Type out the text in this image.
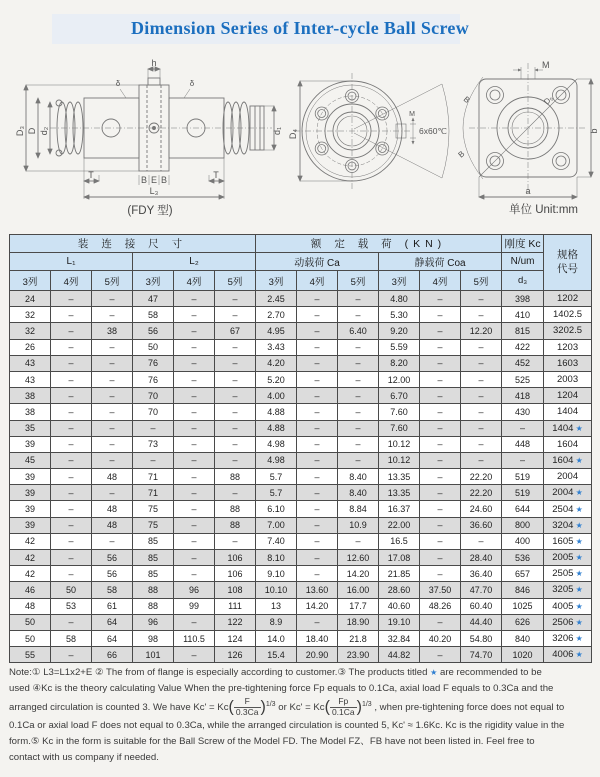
Dimension Series of Inter-cycle Ball Screw
h
δ	δ
D₃ D d₂	d₁
T	B E B	T
L₃
D₄
M
6x60℃
M
B
B
D₅
b
a
(FDY 型)	单位 Unit:mm
装 连 接 尺 寸						额 定 载 荷 (KN)						刚度 Kc	规格
代号

L₁			L₂			动载荷 Ca			静载荷 Coa			N/um	
3列	4列	5列	3列	4列	5列	3列	4列	5列	3列	4列	5列	d₃	
24	–	–	47	–	–	2.45	–	–	4.80	–	–	398	1202
32	–	–	58	–	–	2.70	–	–	5.30	–	–	410	1402.5
32	–	38	56	–	67	4.95	–	6.40	9.20	–	12.20	815	3202.5
26	–	–	50	–	–	3.43	–	–	5.59	–	–	422	1203
43	–	–	76	–	–	4.20	–	–	8.20	–	–	452	1603
43	–	–	76	–	–	5.20	–	–	12.00	–	–	525	2003
38	–	–	70	–	–	4.00	–	–	6.70	–	–	418	1204
38	–	–	70	–	–	4.88	–	–	7.60	–	–	430	1404
35	–	–	–	–	–	4.88	–	–	7.60	–	–	–	1404 ★
39	–	–	73	–	–	4.98	–	–	10.12	–	–	448	1604
45	–	–	–	–	–	4.98	–	–	10.12	–	–	–	1604 ★
39	–	48	71	–	88	5.7	–	8.40	13.35	–	22.20	519	2004
39	–	–	71	–	–	5.7	–	8.40	13.35	–	22.20	519	2004 ★
39	–	48	75	–	88	6.10	–	8.84	16.37	–	24.60	644	2504 ★
39	–	48	75	–	88	7.00	–	10.9	22.00	–	36.60	800	3204 ★
42	–	–	85	–	–	7.40	–	–	16.5	–	–	400	1605 ★
42	–	56	85	–	106	8.10	–	12.60	17.08	–	28.40	536	2005 ★
42	–	56	85	–	106	9.10	–	14.20	21.85	–	36.40	657	2505 ★
46	50	58	88	96	108	10.10	13.60	16.00	28.60	37.50	47.70	846	3205 ★
48	53	61	88	99	111	13	14.20	17.7	40.60	48.26	60.40	1025	4005 ★
50	–	64	96	–	122	8.9	–	18.90	19.10	–	44.40	626	2506 ★
50	58	64	98	110.5	124	14.0	18.40	21.8	32.84	40.20	54.80	840	3206 ★
55	–	66	101	–	126	15.4	20.90	23.90	44.82	–	74.70	1020	4006 ★
Note:① L3=L1x2+E ② The from of flange is especially according to customer.③ The products titled ★ are recommended to be
used ④Kc is the theory calculating Value When the pre-tightening force Fp equals to 0.1Ca, axial load F equals to 0.3Ca and the
arranged circulation is counted 3. We have $Kc' = Kc( \frac{F}{0.3Ca} )^{1/3}$ or $Kc' = Kc( \frac{Fp}{0.1Ca} )^{1/3}$ , when pre-tightening force does not equal to
0.1Ca or axial load F does not equal to 0.3Ca, while the arranged circulation is counted 5, Kc' ≈ 1.6Kc. Kc is the rigidity value in the
form.⑤ Kc in the form is suitable for the Ball Screw of the Model FD. The Model FZ、FB have not been listed in. Feel free to
contact with us company if needed.
